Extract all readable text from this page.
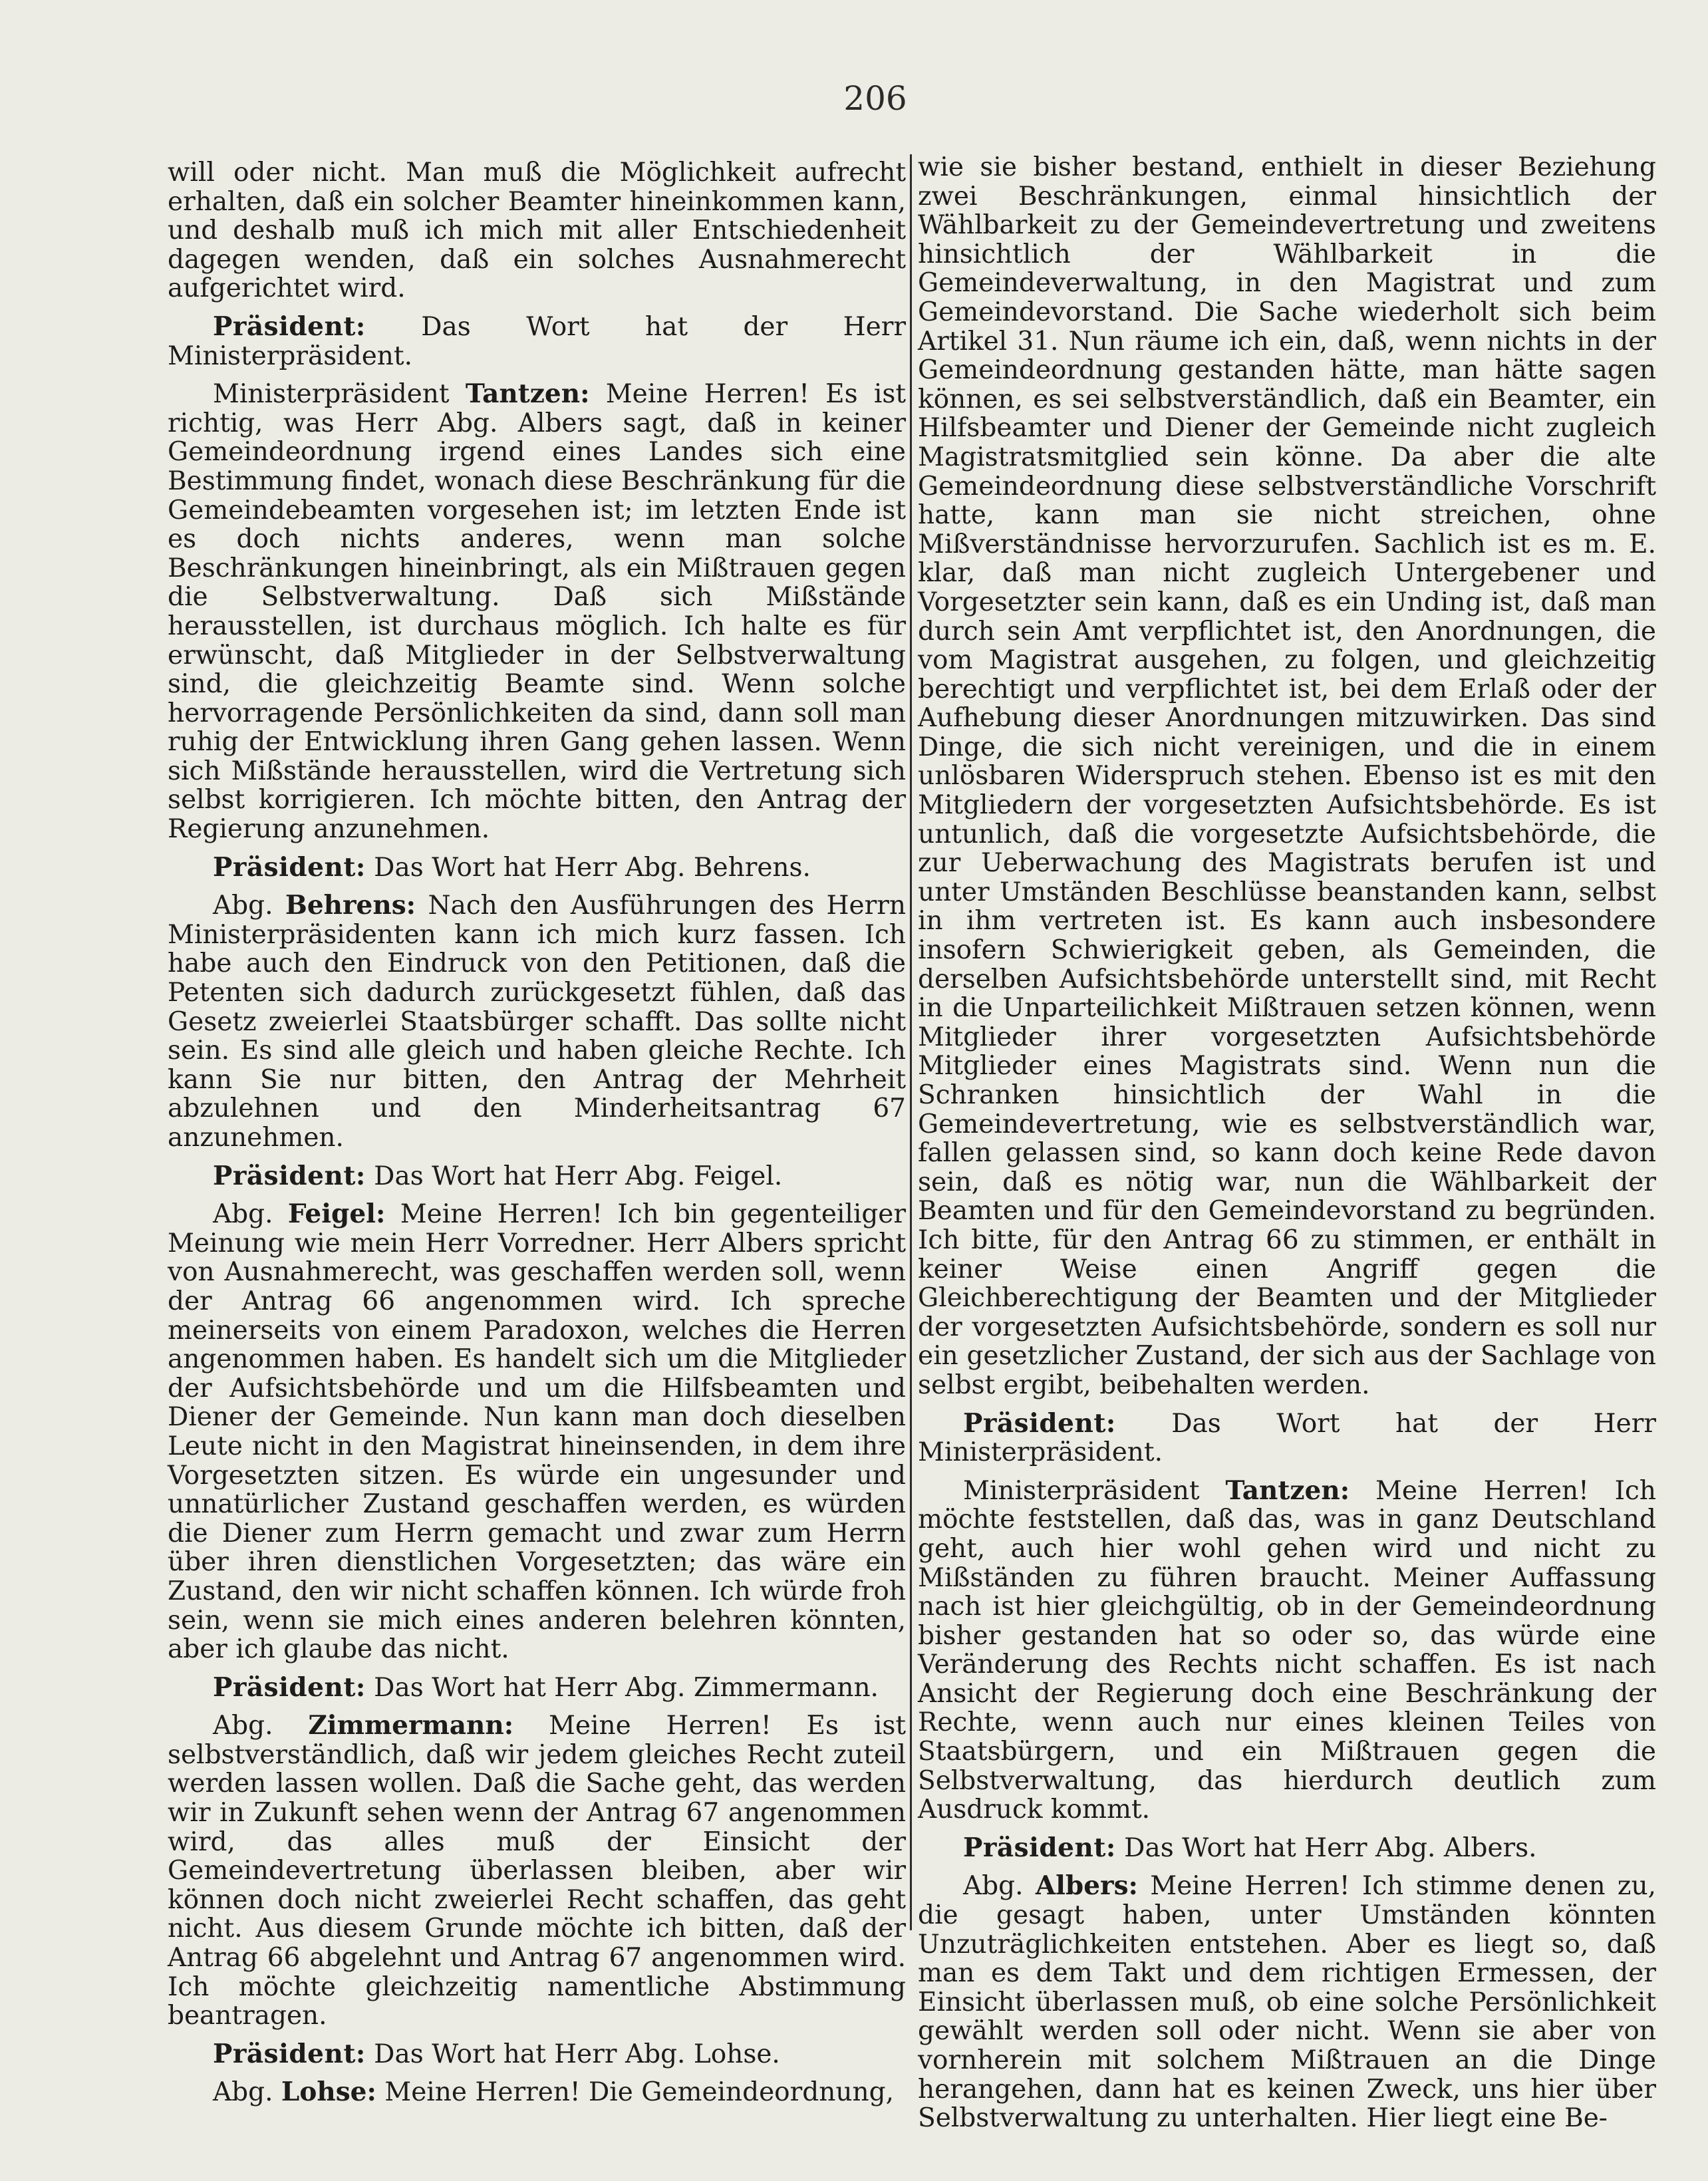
206

will oder nicht. Man muß die Möglichkeit aufrecht erhalten, daß ein solcher Beamter hineinkommen kann, und deshalb muß ich mich mit aller Entschiedenheit dagegen wenden, daß ein solches Ausnahmerecht aufgerichtet wird.

Präsident: Das Wort hat der Herr Ministerpräsident.

Ministerpräsident Tantzen: Meine Herren! Es ist richtig, was Herr Abg. Albers sagt, daß in keiner Gemeindeordnung irgend eines Landes sich eine Bestimmung findet, wonach diese Beschränkung für die Gemeindebeamten vorgesehen ist; im letzten Ende ist es doch nichts anderes, wenn man solche Beschränkungen hineinbringt, als ein Mißtrauen gegen die Selbstverwaltung. Daß sich Mißstände herausstellen, ist durchaus möglich. Ich halte es für erwünscht, daß Mitglieder in der Selbstverwaltung sind, die gleichzeitig Beamte sind. Wenn solche hervorragende Persönlichkeiten da sind, dann soll man ruhig der Entwicklung ihren Gang gehen lassen. Wenn sich Mißstände herausstellen, wird die Vertretung sich selbst korrigieren. Ich möchte bitten, den Antrag der Regierung anzunehmen.

Präsident: Das Wort hat Herr Abg. Behrens.

Abg. Behrens: Nach den Ausführungen des Herrn Ministerpräsidenten kann ich mich kurz fassen. Ich habe auch den Eindruck von den Petitionen, daß die Petenten sich dadurch zurückgesetzt fühlen, daß das Gesetz zweierlei Staatsbürger schafft. Das sollte nicht sein. Es sind alle gleich und haben gleiche Rechte. Ich kann Sie nur bitten, den Antrag der Mehrheit abzulehnen und den Minderheitsantrag 67 anzunehmen.

Präsident: Das Wort hat Herr Abg. Feigel.

Abg. Feigel: Meine Herren! Ich bin gegenteiliger Meinung wie mein Herr Vorredner. Herr Albers spricht von Ausnahmerecht, was geschaffen werden soll, wenn der Antrag 66 angenommen wird. Ich spreche meinerseits von einem Paradoxon, welches die Herren angenommen haben. Es handelt sich um die Mitglieder der Aufsichtsbehörde und um die Hilfsbeamten und Diener der Gemeinde. Nun kann man doch dieselben Leute nicht in den Magistrat hineinsenden, in dem ihre Vorgesetzten sitzen. Es würde ein ungesunder und unnatürlicher Zustand geschaffen werden, es würden die Diener zum Herrn gemacht und zwar zum Herrn über ihren dienstlichen Vorgesetzten; das wäre ein Zustand, den wir nicht schaffen können. Ich würde froh sein, wenn sie mich eines anderen belehren könnten, aber ich glaube das nicht.

Präsident: Das Wort hat Herr Abg. Zimmermann.

Abg. Zimmermann: Meine Herren! Es ist selbstverständlich, daß wir jedem gleiches Recht zuteil werden lassen wollen. Daß die Sache geht, das werden wir in Zukunft sehen wenn der Antrag 67 angenommen wird, das alles muß der Einsicht der Gemeindevertretung überlassen bleiben, aber wir können doch nicht zweierlei Recht schaffen, das geht nicht. Aus diesem Grunde möchte ich bitten, daß der Antrag 66 abgelehnt und Antrag 67 angenommen wird. Ich möchte gleichzeitig namentliche Abstimmung beantragen.

Präsident: Das Wort hat Herr Abg. Lohse.

Abg. Lohse: Meine Herren! Die Gemeindeordnung,

wie sie bisher bestand, enthielt in dieser Beziehung zwei Beschränkungen, einmal hinsichtlich der Wählbarkeit zu der Gemeindevertretung und zweitens hinsichtlich der Wählbarkeit in die Gemeindeverwaltung, in den Magistrat und zum Gemeindevorstand. Die Sache wiederholt sich beim Artikel 31. Nun räume ich ein, daß, wenn nichts in der Gemeindeordnung gestanden hätte, man hätte sagen können, es sei selbstverständlich, daß ein Beamter, ein Hilfsbeamter und Diener der Gemeinde nicht zugleich Magistratsmitglied sein könne. Da aber die alte Gemeindeordnung diese selbstverständliche Vorschrift hatte, kann man sie nicht streichen, ohne Mißverständnisse hervorzurufen. Sachlich ist es m. E. klar, daß man nicht zugleich Untergebener und Vorgesetzter sein kann, daß es ein Unding ist, daß man durch sein Amt verpflichtet ist, den Anordnungen, die vom Magistrat ausgehen, zu folgen, und gleichzeitig berechtigt und verpflichtet ist, bei dem Erlaß oder der Aufhebung dieser Anordnungen mitzuwirken. Das sind Dinge, die sich nicht vereinigen, und die in einem unlösbaren Widerspruch stehen. Ebenso ist es mit den Mitgliedern der vorgesetzten Aufsichtsbehörde. Es ist untunlich, daß die vorgesetzte Aufsichtsbehörde, die zur Ueberwachung des Magistrats berufen ist und unter Umständen Beschlüsse beanstanden kann, selbst in ihm vertreten ist. Es kann auch insbesondere insofern Schwierigkeit geben, als Gemeinden, die derselben Aufsichtsbehörde unterstellt sind, mit Recht in die Unparteilichkeit Mißtrauen setzen können, wenn Mitglieder ihrer vorgesetzten Aufsichtsbehörde Mitglieder eines Magistrats sind. Wenn nun die Schranken hinsichtlich der Wahl in die Gemeindevertretung, wie es selbstverständlich war, fallen gelassen sind, so kann doch keine Rede davon sein, daß es nötig war, nun die Wählbarkeit der Beamten und für den Gemeindevorstand zu begründen. Ich bitte, für den Antrag 66 zu stimmen, er enthält in keiner Weise einen Angriff gegen die Gleichberechtigung der Beamten und der Mitglieder der vorgesetzten Aufsichtsbehörde, sondern es soll nur ein gesetzlicher Zustand, der sich aus der Sachlage von selbst ergibt, beibehalten werden.

Präsident: Das Wort hat der Herr Ministerpräsident.

Ministerpräsident Tantzen: Meine Herren! Ich möchte feststellen, daß das, was in ganz Deutschland geht, auch hier wohl gehen wird und nicht zu Mißständen zu führen braucht. Meiner Auffassung nach ist hier gleichgültig, ob in der Gemeindeordnung bisher gestanden hat so oder so, das würde eine Veränderung des Rechts nicht schaffen. Es ist nach Ansicht der Regierung doch eine Beschränkung der Rechte, wenn auch nur eines kleinen Teiles von Staatsbürgern, und ein Mißtrauen gegen die Selbstverwaltung, das hierdurch deutlich zum Ausdruck kommt.

Präsident: Das Wort hat Herr Abg. Albers.

Abg. Albers: Meine Herren! Ich stimme denen zu, die gesagt haben, unter Umständen könnten Unzuträglichkeiten entstehen. Aber es liegt so, daß man es dem Takt und dem richtigen Ermessen, der Einsicht überlassen muß, ob eine solche Persönlichkeit gewählt werden soll oder nicht. Wenn sie aber von vornherein mit solchem Mißtrauen an die Dinge herangehen, dann hat es keinen Zweck, uns hier über Selbstverwaltung zu unterhalten. Hier liegt eine Be-
